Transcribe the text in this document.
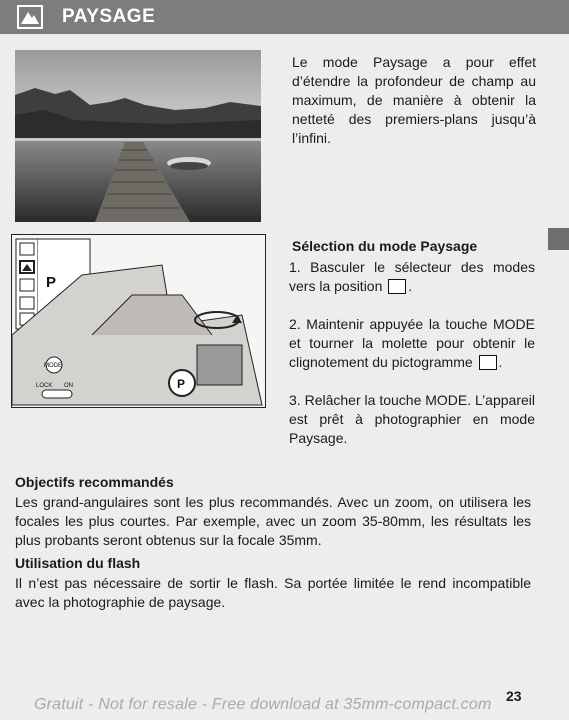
PAYSAGE
Le mode Paysage a pour effet d’étendre la profondeur de champ au maximum, de manière à obtenir la netteté des premiers-plans jusqu’à l’infini.
P
MODE
LOCK ON	P
Sélection du mode Paysage

1. Basculer le sélecteur des modes vers la position .

2. Maintenir appuyée la touche MODE et tourner la molette pour obtenir le clignotement du pictogramme .

3. Relâcher la touche MODE. L’appareil est prêt à photographier en mode Paysage.

Objectifs recommandés
Les grand-angulaires sont les plus recommandés. Avec un zoom, on utilisera les focales les plus courtes. Par exemple, avec un zoom 35-80mm, les résultats les plus probants seront obtenus sur la focale 35mm.
Utilisation du flash
Il n’est pas nécessaire de sortir le flash. Sa portée limitée le rend incompatible avec la photographie de paysage.
23
Gratuit - Not for resale - Free download at 35mm-compact.com
